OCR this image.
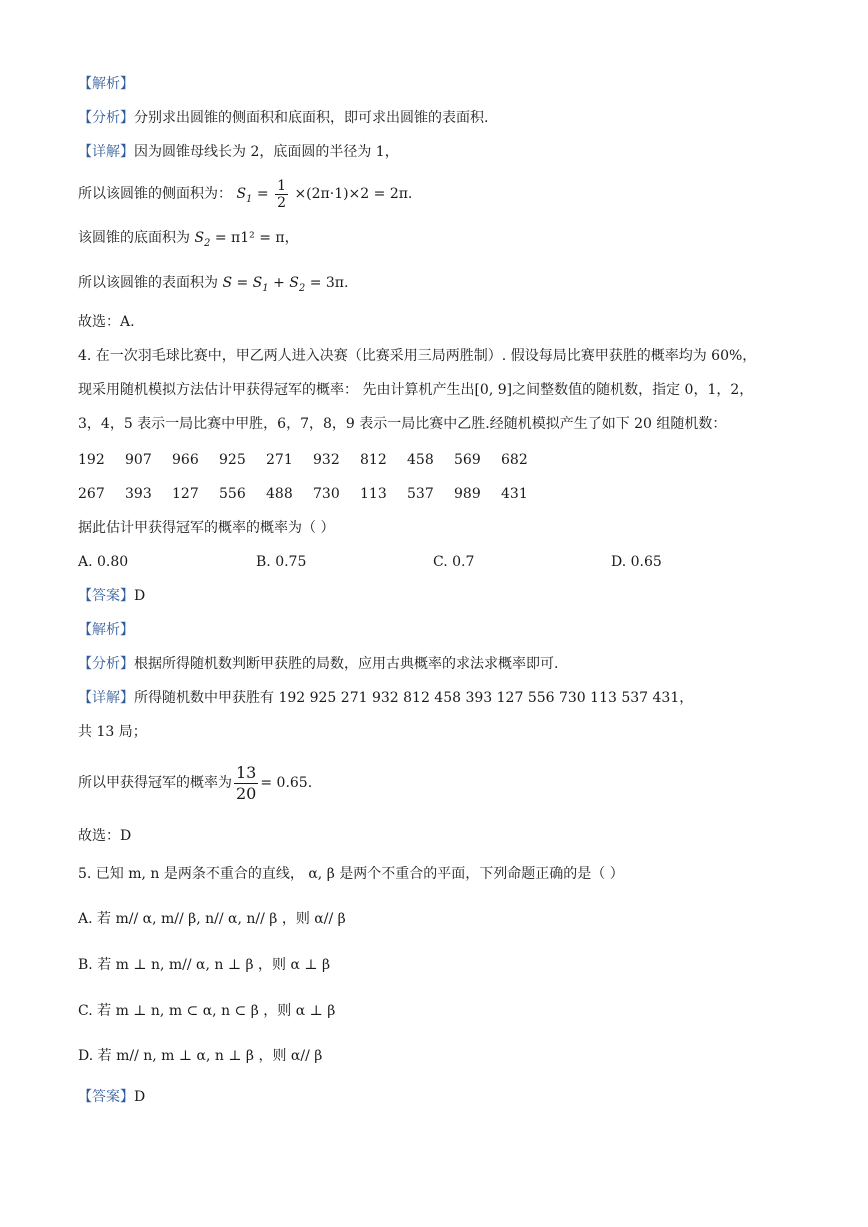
【解析】
【分析】分别求出圆锥的侧面积和底面积，即可求出圆锥的表面积.
【详解】因为圆锥母线长为 2，底面圆的半径为 1，
所以该圆锥的侧面积为： $S_1 = \frac{1}{2} \times(2\pi\cdot 1)\times 2 = 2\pi$.
该圆锥的底面积为 $S_2 = \pi 1^2 = \pi$，
所以该圆锥的表面积为 $S = S_1 + S_2 = 3\pi$.
故选：A.
4. 在一次羽毛球比赛中，甲乙两人进入决赛（比赛采用三局两胜制）. 假设每局比赛甲获胜的概率均为 60%，
现采用随机模拟方法估计甲获得冠军的概率： 先由计算机产生出[0, 9]之间整数值的随机数，指定 0，1，2，
3，4，5 表示一局比赛中甲胜，6，7，8，9 表示一局比赛中乙胜.经随机模拟产生了如下 20 组随机数：
192 907 966 925 271 932 812 458 569 682
267 393 127 556 488 730 113 537 989 431
据此估计甲获得冠军的概率的概率为（ ）
A. 0.80	B. 0.75	C. 0.7	D. 0.65
【答案】D
【解析】
【分析】根据所得随机数判断甲获胜的局数，应用古典概率的求法求概率即可.
【详解】所得随机数中甲获胜有 192 925 271 932 812 458 393 127 556 730 113 537 431，
共 13 局；
所以甲获得冠军的概率为 $\frac{13}{20} = 0.65$.
故选：D
5. 已知 m, n 是两条不重合的直线， α, β 是两个不重合的平面，下列命题正确的是（ ）
A. 若 m// α, m// β, n// α, n// β ，则 α// β
B. 若 m ⊥ n, m// α, n ⊥ β ，则 α ⊥ β
C. 若 m ⊥ n, m ⊂ α, n ⊂ β ，则 α ⊥ β
D. 若 m// n, m ⊥ α, n ⊥ β ，则 α// β
【答案】D
